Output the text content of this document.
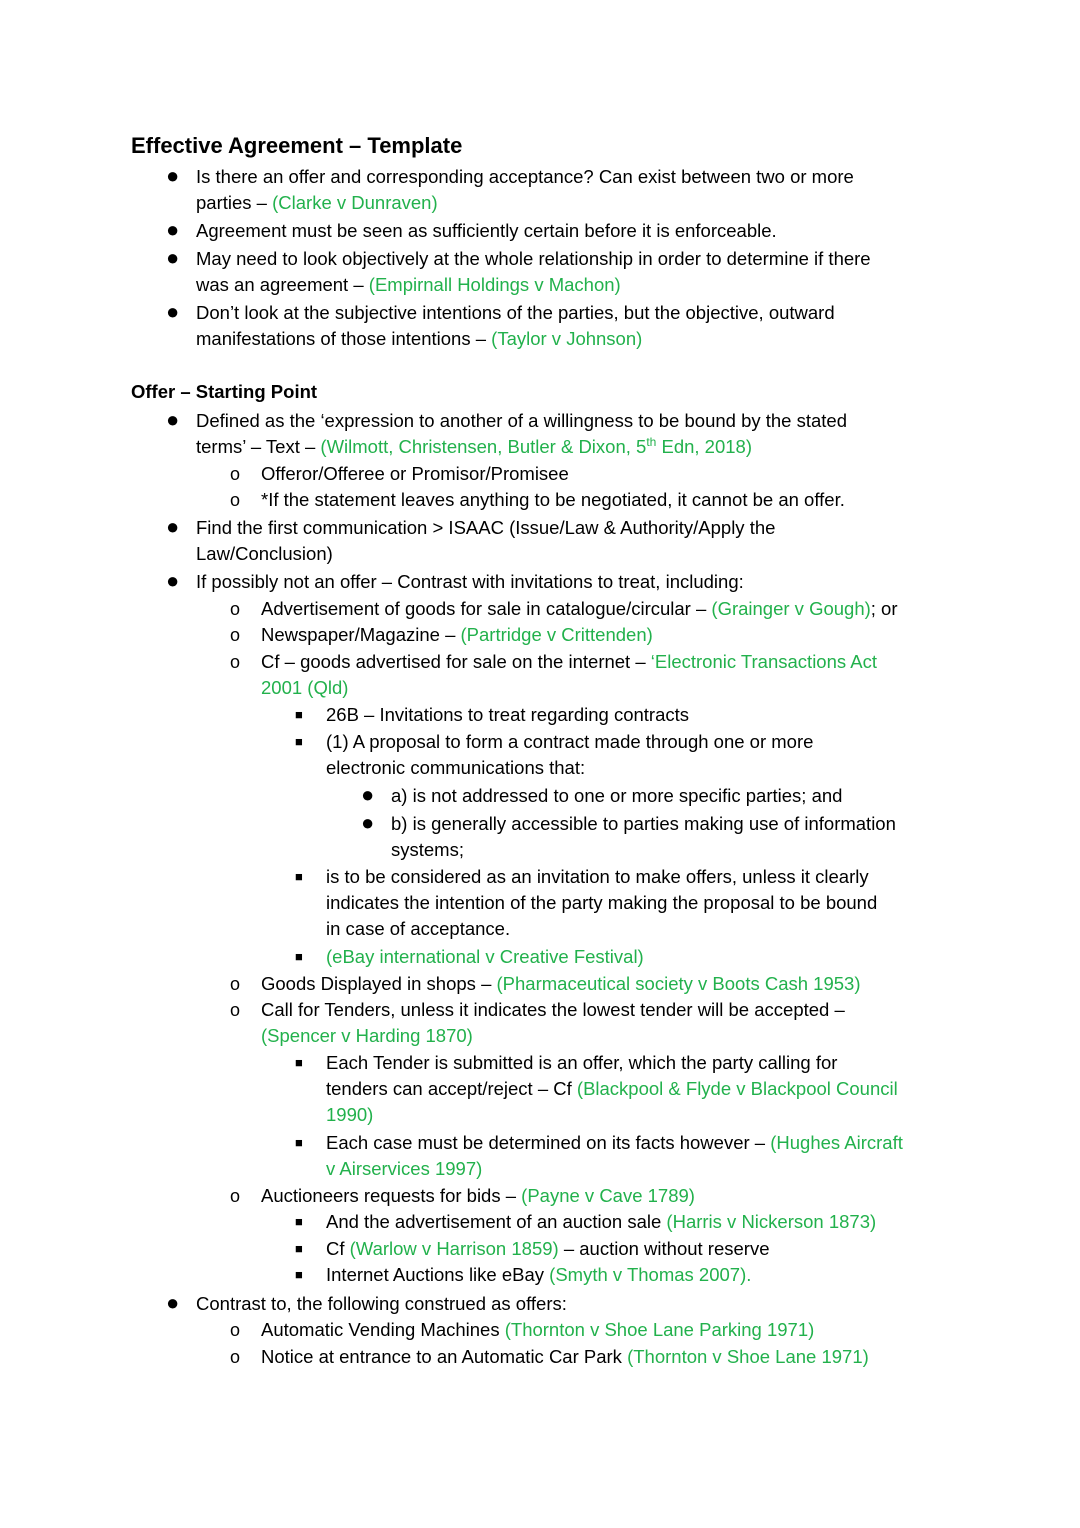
Effective Agreement – Template
● Is there an offer and corresponding acceptance? Can exist between two or more
parties – (Clarke v Dunraven)
● Agreement must be seen as sufficiently certain before it is enforceable.
● May need to look objectively at the whole relationship in order to determine if there
was an agreement – (Empirnall Holdings v Machon)
● Don’t look at the subjective intentions of the parties, but the objective, outward
manifestations of those intentions – (Taylor v Johnson)
Offer – Starting Point
● Defined as the ‘expression to another of a willingness to be bound by the stated
terms’ – Text – (Wilmott, Christensen, Butler & Dixon, 5th Edn, 2018)
o Offeror/Offeree or Promisor/Promisee
o *If the statement leaves anything to be negotiated, it cannot be an offer.
● Find the first communication > ISAAC (Issue/Law & Authority/Apply the
Law/Conclusion)
● If possibly not an offer – Contrast with invitations to treat, including:
o Advertisement of goods for sale in catalogue/circular – (Grainger v Gough); or
o Newspaper/Magazine – (Partridge v Crittenden)
o Cf – goods advertised for sale on the internet – ‘Electronic Transactions Act
2001 (Qld)
■ 26B – Invitations to treat regarding contracts
■ (1) A proposal to form a contract made through one or more
electronic communications that:
● a) is not addressed to one or more specific parties; and
● b) is generally accessible to parties making use of information
systems;
■ is to be considered as an invitation to make offers, unless it clearly
indicates the intention of the party making the proposal to be bound
in case of acceptance.
■ (eBay international v Creative Festival)
o Goods Displayed in shops – (Pharmaceutical society v Boots Cash 1953)
o Call for Tenders, unless it indicates the lowest tender will be accepted –
(Spencer v Harding 1870)
■ Each Tender is submitted is an offer, which the party calling for
tenders can accept/reject – Cf (Blackpool & Flyde v Blackpool Council
1990)
■ Each case must be determined on its facts however – (Hughes Aircraft
v Airservices 1997)
o Auctioneers requests for bids – (Payne v Cave 1789)
■ And the advertisement of an auction sale (Harris v Nickerson 1873)
■ Cf (Warlow v Harrison 1859) – auction without reserve
■ Internet Auctions like eBay (Smyth v Thomas 2007).
● Contrast to, the following construed as offers:
o Automatic Vending Machines (Thornton v Shoe Lane Parking 1971)
o Notice at entrance to an Automatic Car Park (Thornton v Shoe Lane 1971)
